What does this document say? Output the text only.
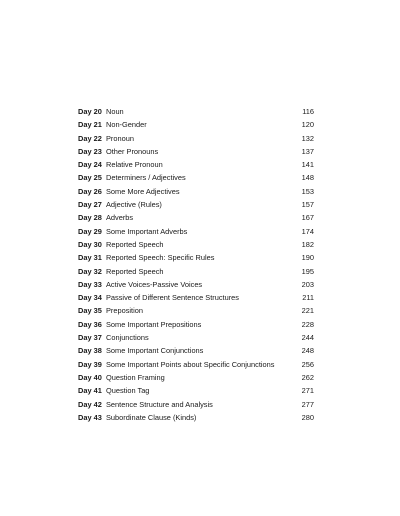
Day 20 Noun	116
Day 21 Non-Gender	120
Day 22 Pronoun	132
Day 23 Other Pronouns	137
Day 24 Relative Pronoun	141
Day 25 Determiners / Adjectives	148
Day 26 Some More Adjectives	153
Day 27 Adjective (Rules)	157
Day 28 Adverbs	167
Day 29 Some Important Adverbs	174
Day 30 Reported Speech	182
Day 31 Reported Speech: Specific Rules	190
Day 32 Reported Speech	195
Day 33 Active Voices-Passive Voices	203
Day 34 Passive of Different Sentence Structures	211
Day 35 Preposition	221
Day 36 Some Important Prepositions	228
Day 37 Conjunctions	244
Day 38 Some Important Conjunctions	248
Day 39 Some Important Points about Specific Conjunctions	256
Day 40 Question Framing	262
Day 41 Question Tag	271
Day 42 Sentence Structure and Analysis	277
Day 43 Subordinate Clause (Kinds)	280
